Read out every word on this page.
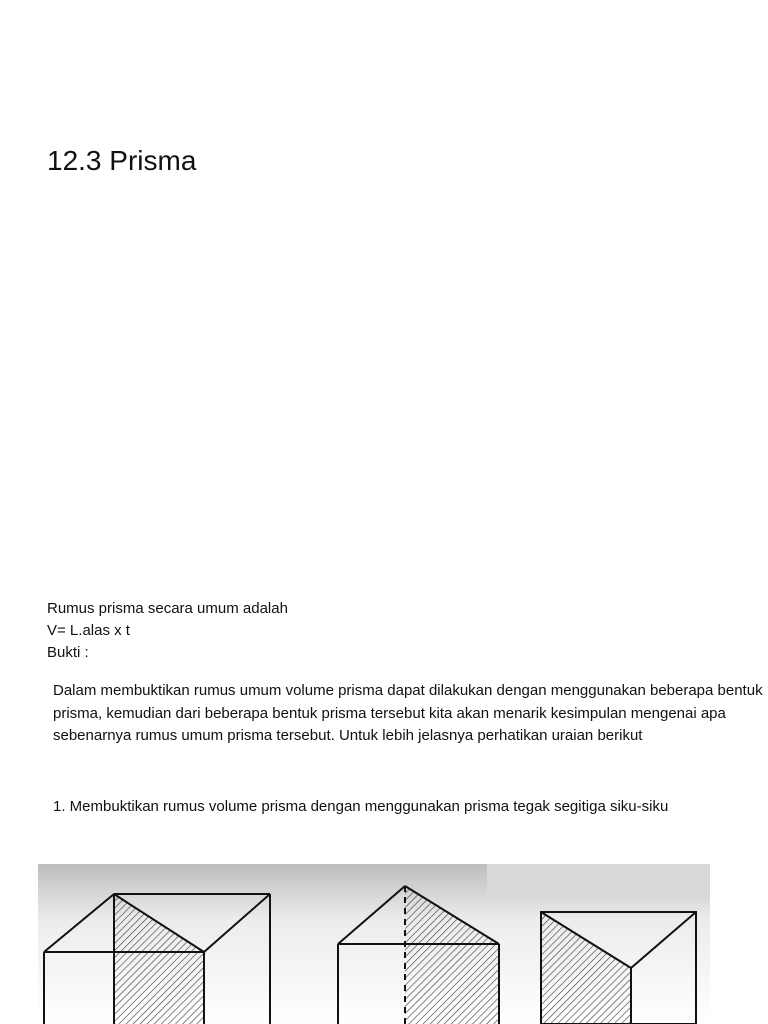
12.3 Prisma
Rumus prisma secara umum adalah
V= L.alas x t
Bukti :

Dalam membuktikan rumus umum volume prisma dapat dilakukan dengan menggunakan beberapa bentuk prisma, kemudian dari beberapa bentuk prisma tersebut kita akan menarik kesimpulan mengenai apa sebenarnya rumus umum prisma tersebut. Untuk lebih jelasnya perhatikan uraian berikut

1. Membuktikan rumus volume prisma dengan menggunakan prisma tegak segitiga siku-siku
